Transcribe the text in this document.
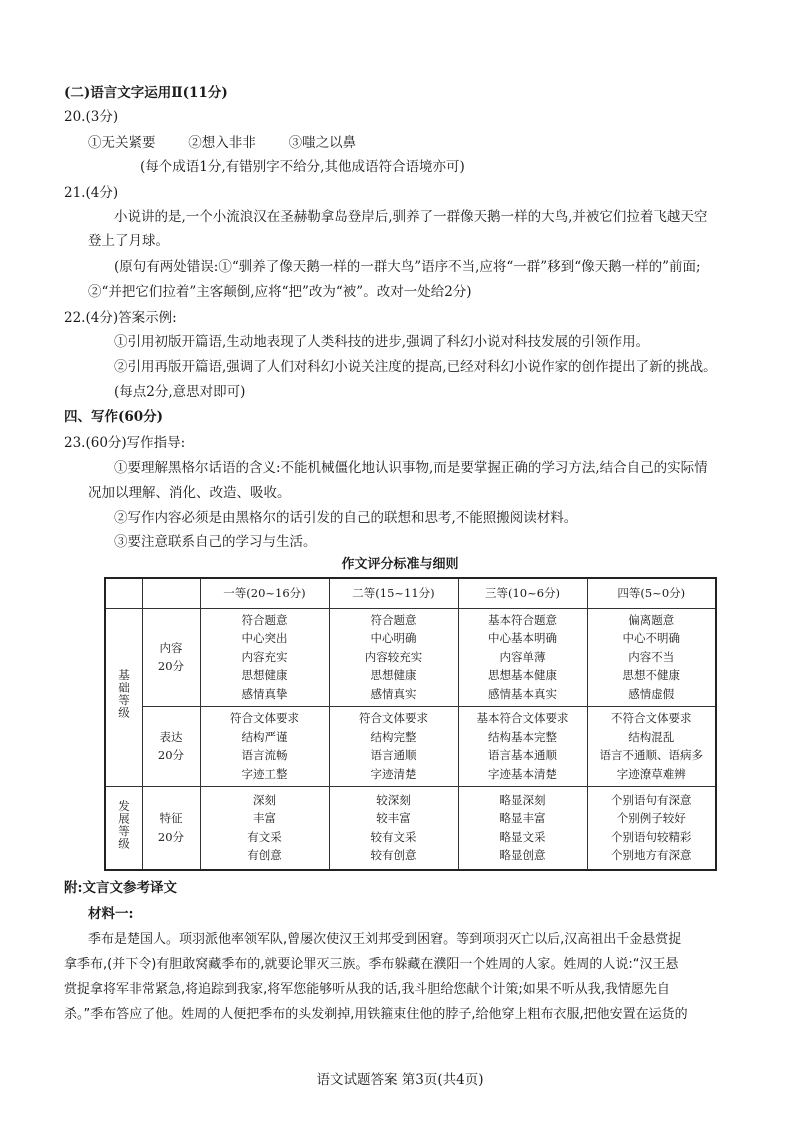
(二)语言文字运用Ⅱ(11分)
20.(3分)
①无关紧要 ②想入非非 ③嗤之以鼻
(每个成语1分,有错别字不给分,其他成语符合语境亦可)
21.(4分)
小说讲的是,一个小流浪汉在圣赫勒拿岛登岸后,驯养了一群像天鹅一样的大鸟,并被它们拉着飞越天空
登上了月球。
(原句有两处错误:①“驯养了像天鹅一样的一群大鸟”语序不当,应将“一群”移到“像天鹅一样的”前面;
②“并把它们拉着”主客颠倒,应将“把”改为“被”。改对一处给2分)
22.(4分)答案示例:
①引用初版开篇语,生动地表现了人类科技的进步,强调了科幻小说对科技发展的引领作用。
②引用再版开篇语,强调了人们对科幻小说关注度的提高,已经对科幻小说作家的创作提出了新的挑战。
(每点2分,意思对即可)
四、写作(60分)
23.(60分)写作指导:
①要理解黑格尔话语的含义:不能机械僵化地认识事物,而是要掌握正确的学习方法,结合自己的实际情
况加以理解、消化、改造、吸收。
②写作内容必须是由黑格尔的话引发的自己的联想和思考,不能照搬阅读材料。
③要注意联系自己的学习与生活。
作文评分标准与细则
		一等(20~16分)	二等(15~11分)	三等(10~6分)	四等(5~0分)
基础等级	内容
20分	符合题意
中心突出
内容充实
思想健康
感情真挚	符合题意
中心明确
内容较充实
思想健康
感情真实	基本符合题意
中心基本明确
内容单薄
思想基本健康
感情基本真实	偏离题意
中心不明确
内容不当
思想不健康
感情虚假

	表达
20分	符合文体要求
结构严谨
语言流畅
字迹工整	符合文体要求
结构完整
语言通顺
字迹清楚	基本符合文体要求
结构基本完整
语言基本通顺
字迹基本清楚	不符合文体要求
结构混乱
语言不通顺、语病多
字迹潦草难辨

发展等级	特征
20分	深刻
丰富
有文采
有创意	较深刻
较丰富
较有文采
较有创意	略显深刻
略显丰富
略显文采
略显创意	个别语句有深意
个别例子较好
个别语句较精彩
个别地方有深意
附:文言文参考译文
材料一:
季布是楚国人。项羽派他率领军队,曾屡次使汉王刘邦受到困窘。等到项羽灭亡以后,汉高祖出千金悬赏捉
拿季布,(并下令)有胆敢窝藏季布的,就要论罪灭三族。季布躲藏在濮阳一个姓周的人家。姓周的人说:“汉王悬
赏捉拿将军非常紧急,将追踪到我家,将军您能够听从我的话,我斗胆给您献个计策;如果不听从我,我情愿先自
杀。”季布答应了他。姓周的人便把季布的头发剃掉,用铁箍束住他的脖子,给他穿上粗布衣服,把他安置在运货的
语文试题答案 第3页(共4页)
